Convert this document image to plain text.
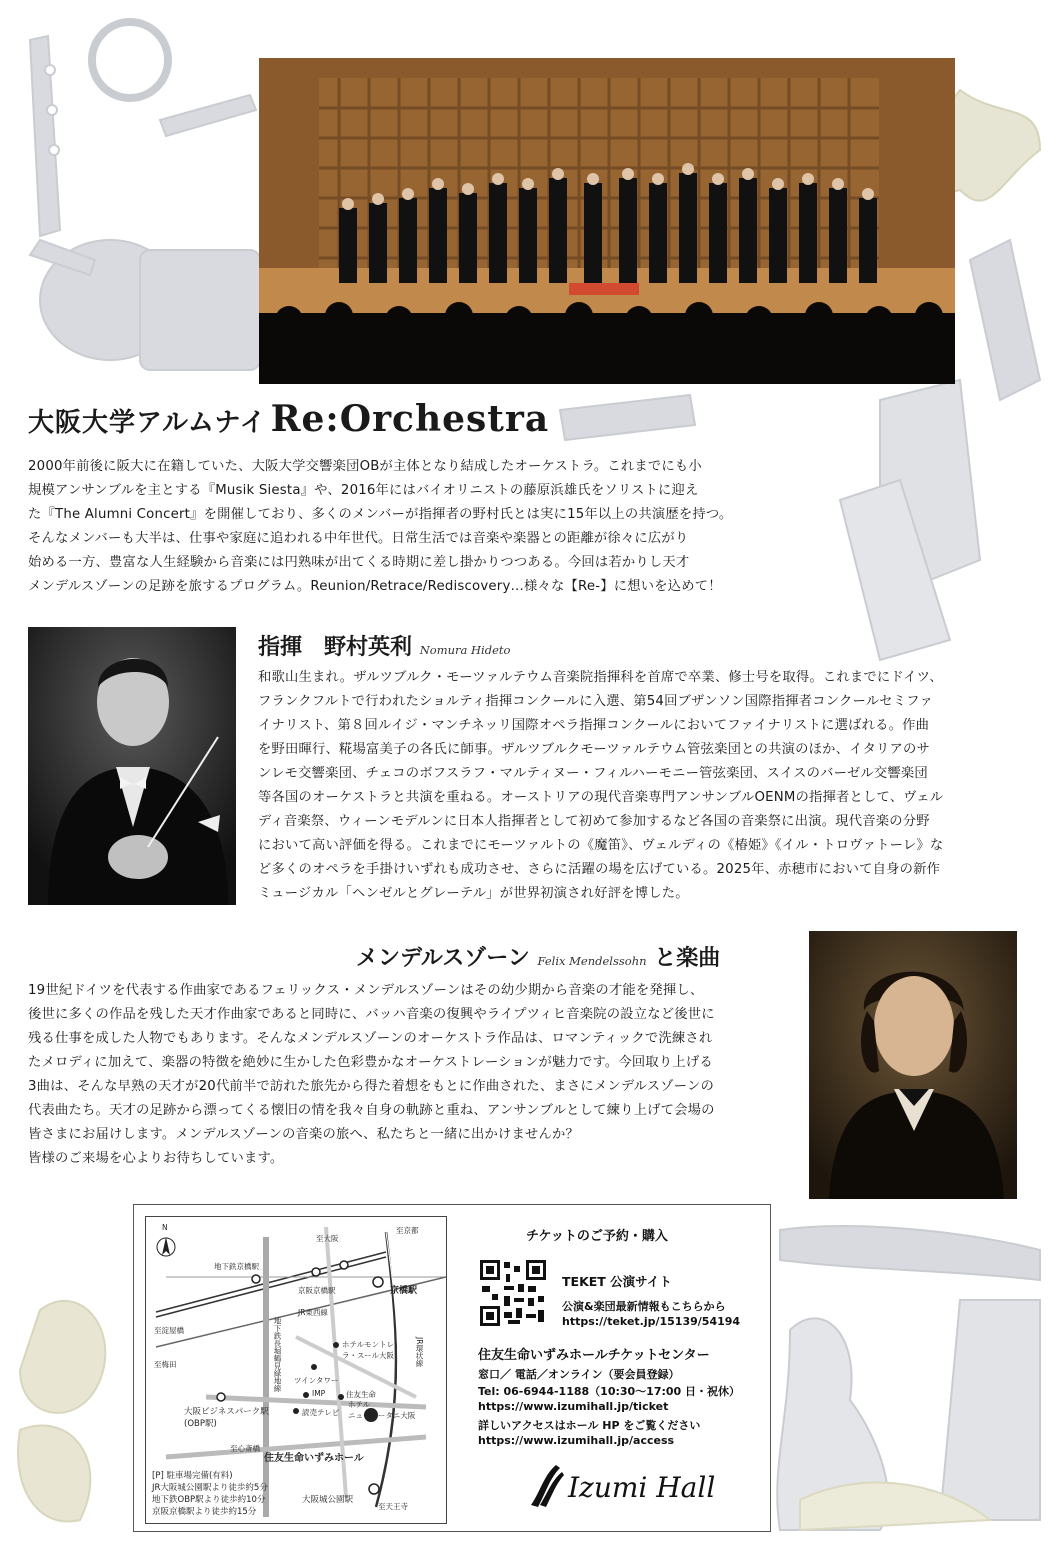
大阪大学アルムナイ Re:Orchestra
2000年前後に阪大に在籍していた、大阪大学交響楽団OBが主体となり結成したオーケストラ。これまでにも小
規模アンサンブルを主とする『Musik Siesta』や、2016年にはバイオリニストの藤原浜雄氏をソリストに迎え
た『The Alumni Concert』を開催しており、多くのメンバーが指揮者の野村氏とは実に15年以上の共演歴を持つ。
そんなメンバーも大半は、仕事や家庭に追われる中年世代。日常生活では音楽や楽器との距離が徐々に広がり
始める一方、豊富な人生経験から音楽には円熟味が出てくる時期に差し掛かりつつある。今回は若かりし天才
メンデルスゾーンの足跡を旅するプログラム。Reunion/Retrace/Rediscovery…様々な【Re-】に想いを込めて！
指揮 野村英利 Nomura Hideto
和歌山生まれ。ザルツブルク・モーツァルテウム音楽院指揮科を首席で卒業、修士号を取得。これまでにドイツ、
フランクフルトで行われたショルティ指揮コンクールに入選、第54回ブザンソン国際指揮者コンクールセミファ
イナリスト、第８回ルイジ・マンチネッリ国際オペラ指揮コンクールにおいてファイナリストに選ばれる。作曲
を野田暉行、糀場富美子の各氏に師事。ザルツブルクモーツァルテウム管弦楽団との共演のほか、イタリアのサ
ンレモ交響楽団、チェコのボフスラフ・マルティヌー・フィルハーモニー管弦楽団、スイスのバーゼル交響楽団
等各国のオーケストラと共演を重ねる。オーストリアの現代音楽専門アンサンブルOENMの指揮者として、ヴェル
ディ音楽祭、ウィーンモデルンに日本人指揮者として初めて参加するなど各国の音楽祭に出演。現代音楽の分野
において高い評価を得る。これまでにモーツァルトの《魔笛》、ヴェルディの《椿姫》《イル・トロヴァトーレ》な
ど多くのオペラを手掛けいずれも成功させ、さらに活躍の場を広げている。2025年、赤穂市において自身の新作
ミュージカル「ヘンゼルとグレーテル」が世界初演され好評を博した。
メンデルスゾーン Felix Mendelssohn と楽曲
19世紀ドイツを代表する作曲家であるフェリックス・メンデルスゾーンはその幼少期から音楽の才能を発揮し、
後世に多くの作品を残した天才作曲家であると同時に、バッハ音楽の復興やライプツィヒ音楽院の設立など後世に
残る仕事を成した人物でもあります。そんなメンデルスゾーンのオーケストラ作品は、ロマンティックで洗練され
たメロディに加えて、楽器の特徴を絶妙に生かした色彩豊かなオーケストレーションが魅力です。今回取り上げる
3曲は、そんな早熟の天才が20代前半で訪れた旅先から得た着想をもとに作曲された、まさにメンデルスゾーンの
代表曲たち。天才の足跡から漂ってくる懐旧の情を我々自身の軌跡と重ね、アンサンブルとして練り上げて会場の
皆さまにお届けします。メンデルスゾーンの音楽の旅へ、私たちと一緒に出かけませんか？
皆様のご来場を心よりお待ちしています。
N	至京都
至大阪
地下鉄京橋駅
京阪京橋駅	京橋駅
JR東西線
至淀屋橋
至梅田	地下鉄長堀鶴見緑地線	JR環状線
ホテルモントレ
ラ・スール大阪
ツインタワー
IMP	住友生命
読売テレビ
ホテル
ニューオータニ大阪
大阪ビジネスパーク駅
(OBP駅)
至心斎橋
住友生命いずみホール
大阪城公園駅
至天王寺
[P] 駐車場完備(有料)
JR大阪城公園駅より徒歩約5分
地下鉄OBP駅より徒歩約10分
京阪京橋駅より徒歩約15分
チケットのご予約・購入
TEKET 公演サイト
公演&楽団最新情報もこちらから
https://teket.jp/15139/54194
住友生命いずみホールチケットセンター
窓口／ 電話／オンライン（要会員登録）
Tel: 06-6944-1188（10:30〜17:00 日・祝休）
https://www.izumihall.jp/ticket
詳しいアクセスはホール HP をご覧ください
https://www.izumihall.jp/access
Izumi Hall
